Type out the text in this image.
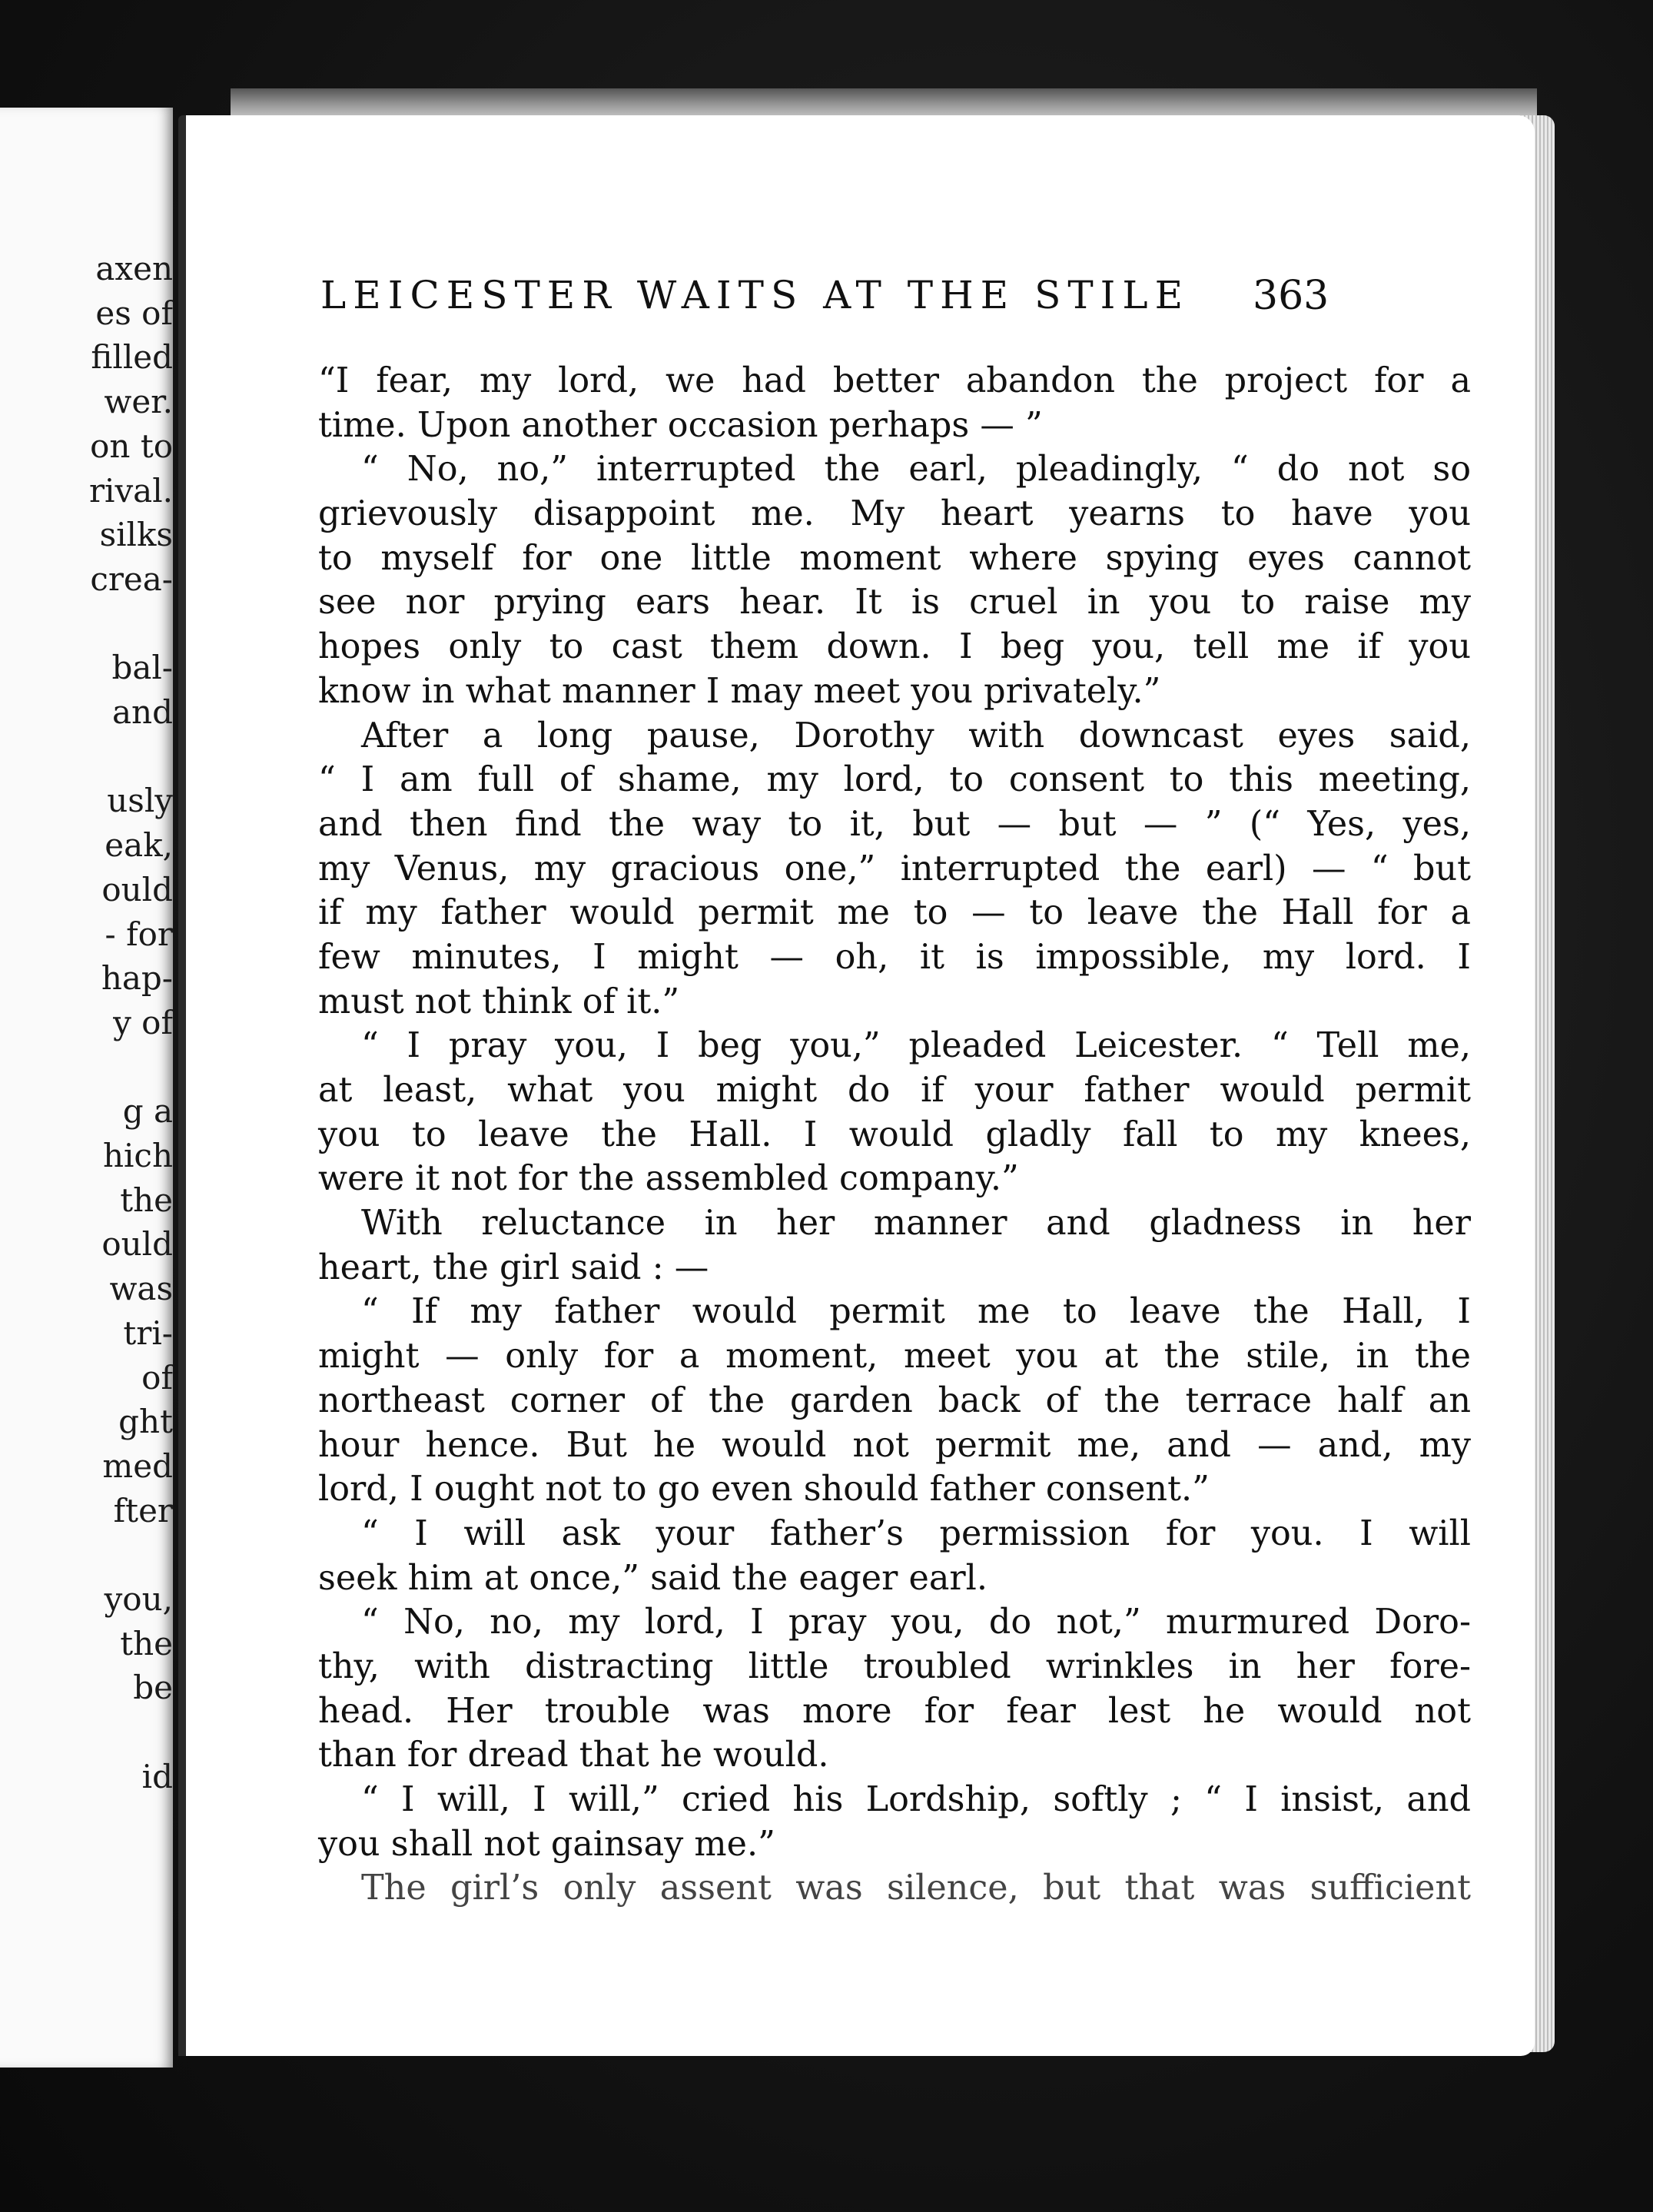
axen
es of
filled
wer.
on to
rival.
silks
crea-
bal-
and
usly
eak,
ould
- for
hap-
y of
g a
hich
the
ould
was
tri-
of
ght
med
fter
you,
the
be
id
LEICESTER WAITS AT THE STILE	363
“I fear, my lord, we had better abandon the project for a
time. Upon another occasion perhaps — ”
“ No, no,” interrupted the earl, pleadingly, “ do not so
grievously disappoint me. My heart yearns to have you
to myself for one little moment where spying eyes cannot
see nor prying ears hear. It is cruel in you to raise my
hopes only to cast them down. I beg you, tell me if you
know in what manner I may meet you privately.”
After a long pause, Dorothy with downcast eyes said,
“ I am full of shame, my lord, to consent to this meeting,
and then find the way to it, but — but — ” (“ Yes, yes,
my Venus, my gracious one,” interrupted the earl) — “ but
if my father would permit me to — to leave the Hall for a
few minutes, I might — oh, it is impossible, my lord. I
must not think of it.”
“ I pray you, I beg you,” pleaded Leicester. “ Tell me,
at least, what you might do if your father would permit
you to leave the Hall. I would gladly fall to my knees,
were it not for the assembled company.”
With reluctance in her manner and gladness in her
heart, the girl said : —
“ If my father would permit me to leave the Hall, I
might — only for a moment, meet you at the stile, in the
northeast corner of the garden back of the terrace half an
hour hence. But he would not permit me, and — and, my
lord, I ought not to go even should father consent.”
“ I will ask your father’s permission for you. I will
seek him at once,” said the eager earl.
“ No, no, my lord, I pray you, do not,” murmured Doro-
thy, with distracting little troubled wrinkles in her fore-
head. Her trouble was more for fear lest he would not
than for dread that he would.
“ I will, I will,” cried his Lordship, softly ; “ I insist, and
you shall not gainsay me.”
The girl’s only assent was silence, but that was sufficient
